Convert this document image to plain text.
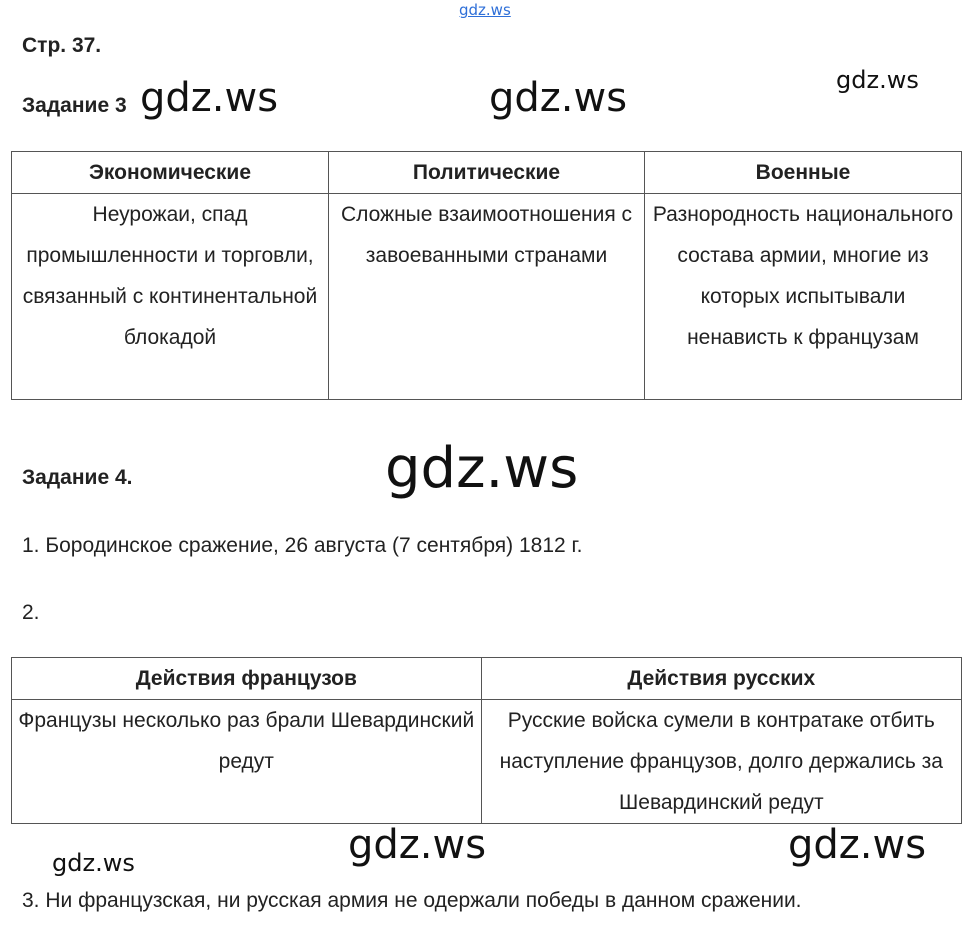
gdz.ws
Стр. 37.
Задание 3 gdz.ws	gdz.ws	gdz.ws
Экономические	Политические	Военные
Неурожаи, спад промышленности и торговли, связанный с континентальной блокадой	Сложные взаимоотношения с завоеванными странами	Разнородность национального состава армии, многие из которых испытывали ненависть к французам
Задание 4.	gdz.ws
1. Бородинское сражение, 26 августа (7 сентября) 1812 г.
2.
Действия французов	Действия русских
Французы несколько раз брали Шевардинский редут	Русские войска сумели в контратаке отбить наступление французов, долго держались за Шевардинский редут
gdz.ws	gdz.ws
gdz.ws
3. Ни французская, ни русская армия не одержали победы в данном сражении.
